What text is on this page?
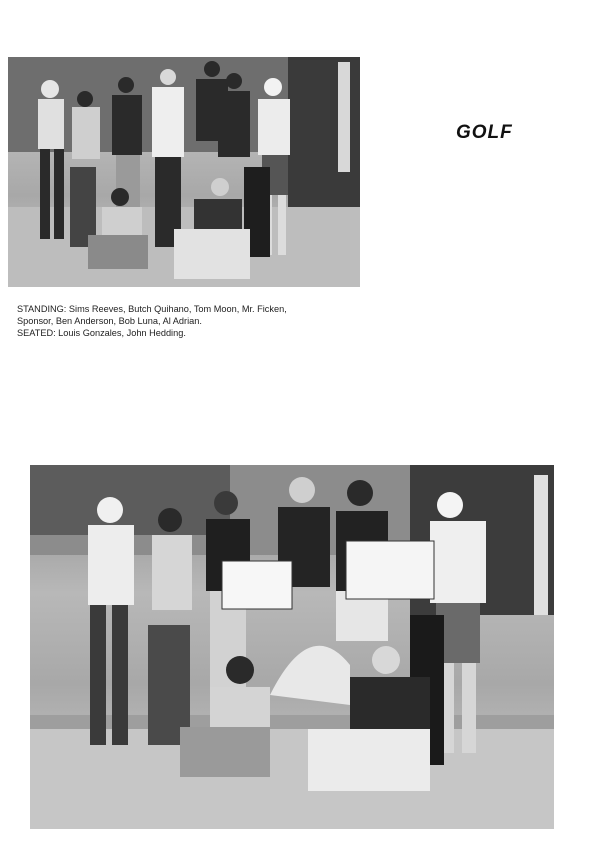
GOLF
STANDING: Sims Reeves, Butch Quihano, Tom Moon, Mr. Ficken,
Sponsor, Ben Anderson, Bob Luna, Al Adrian.
SEATED: Louis Gonzales, John Hedding.
